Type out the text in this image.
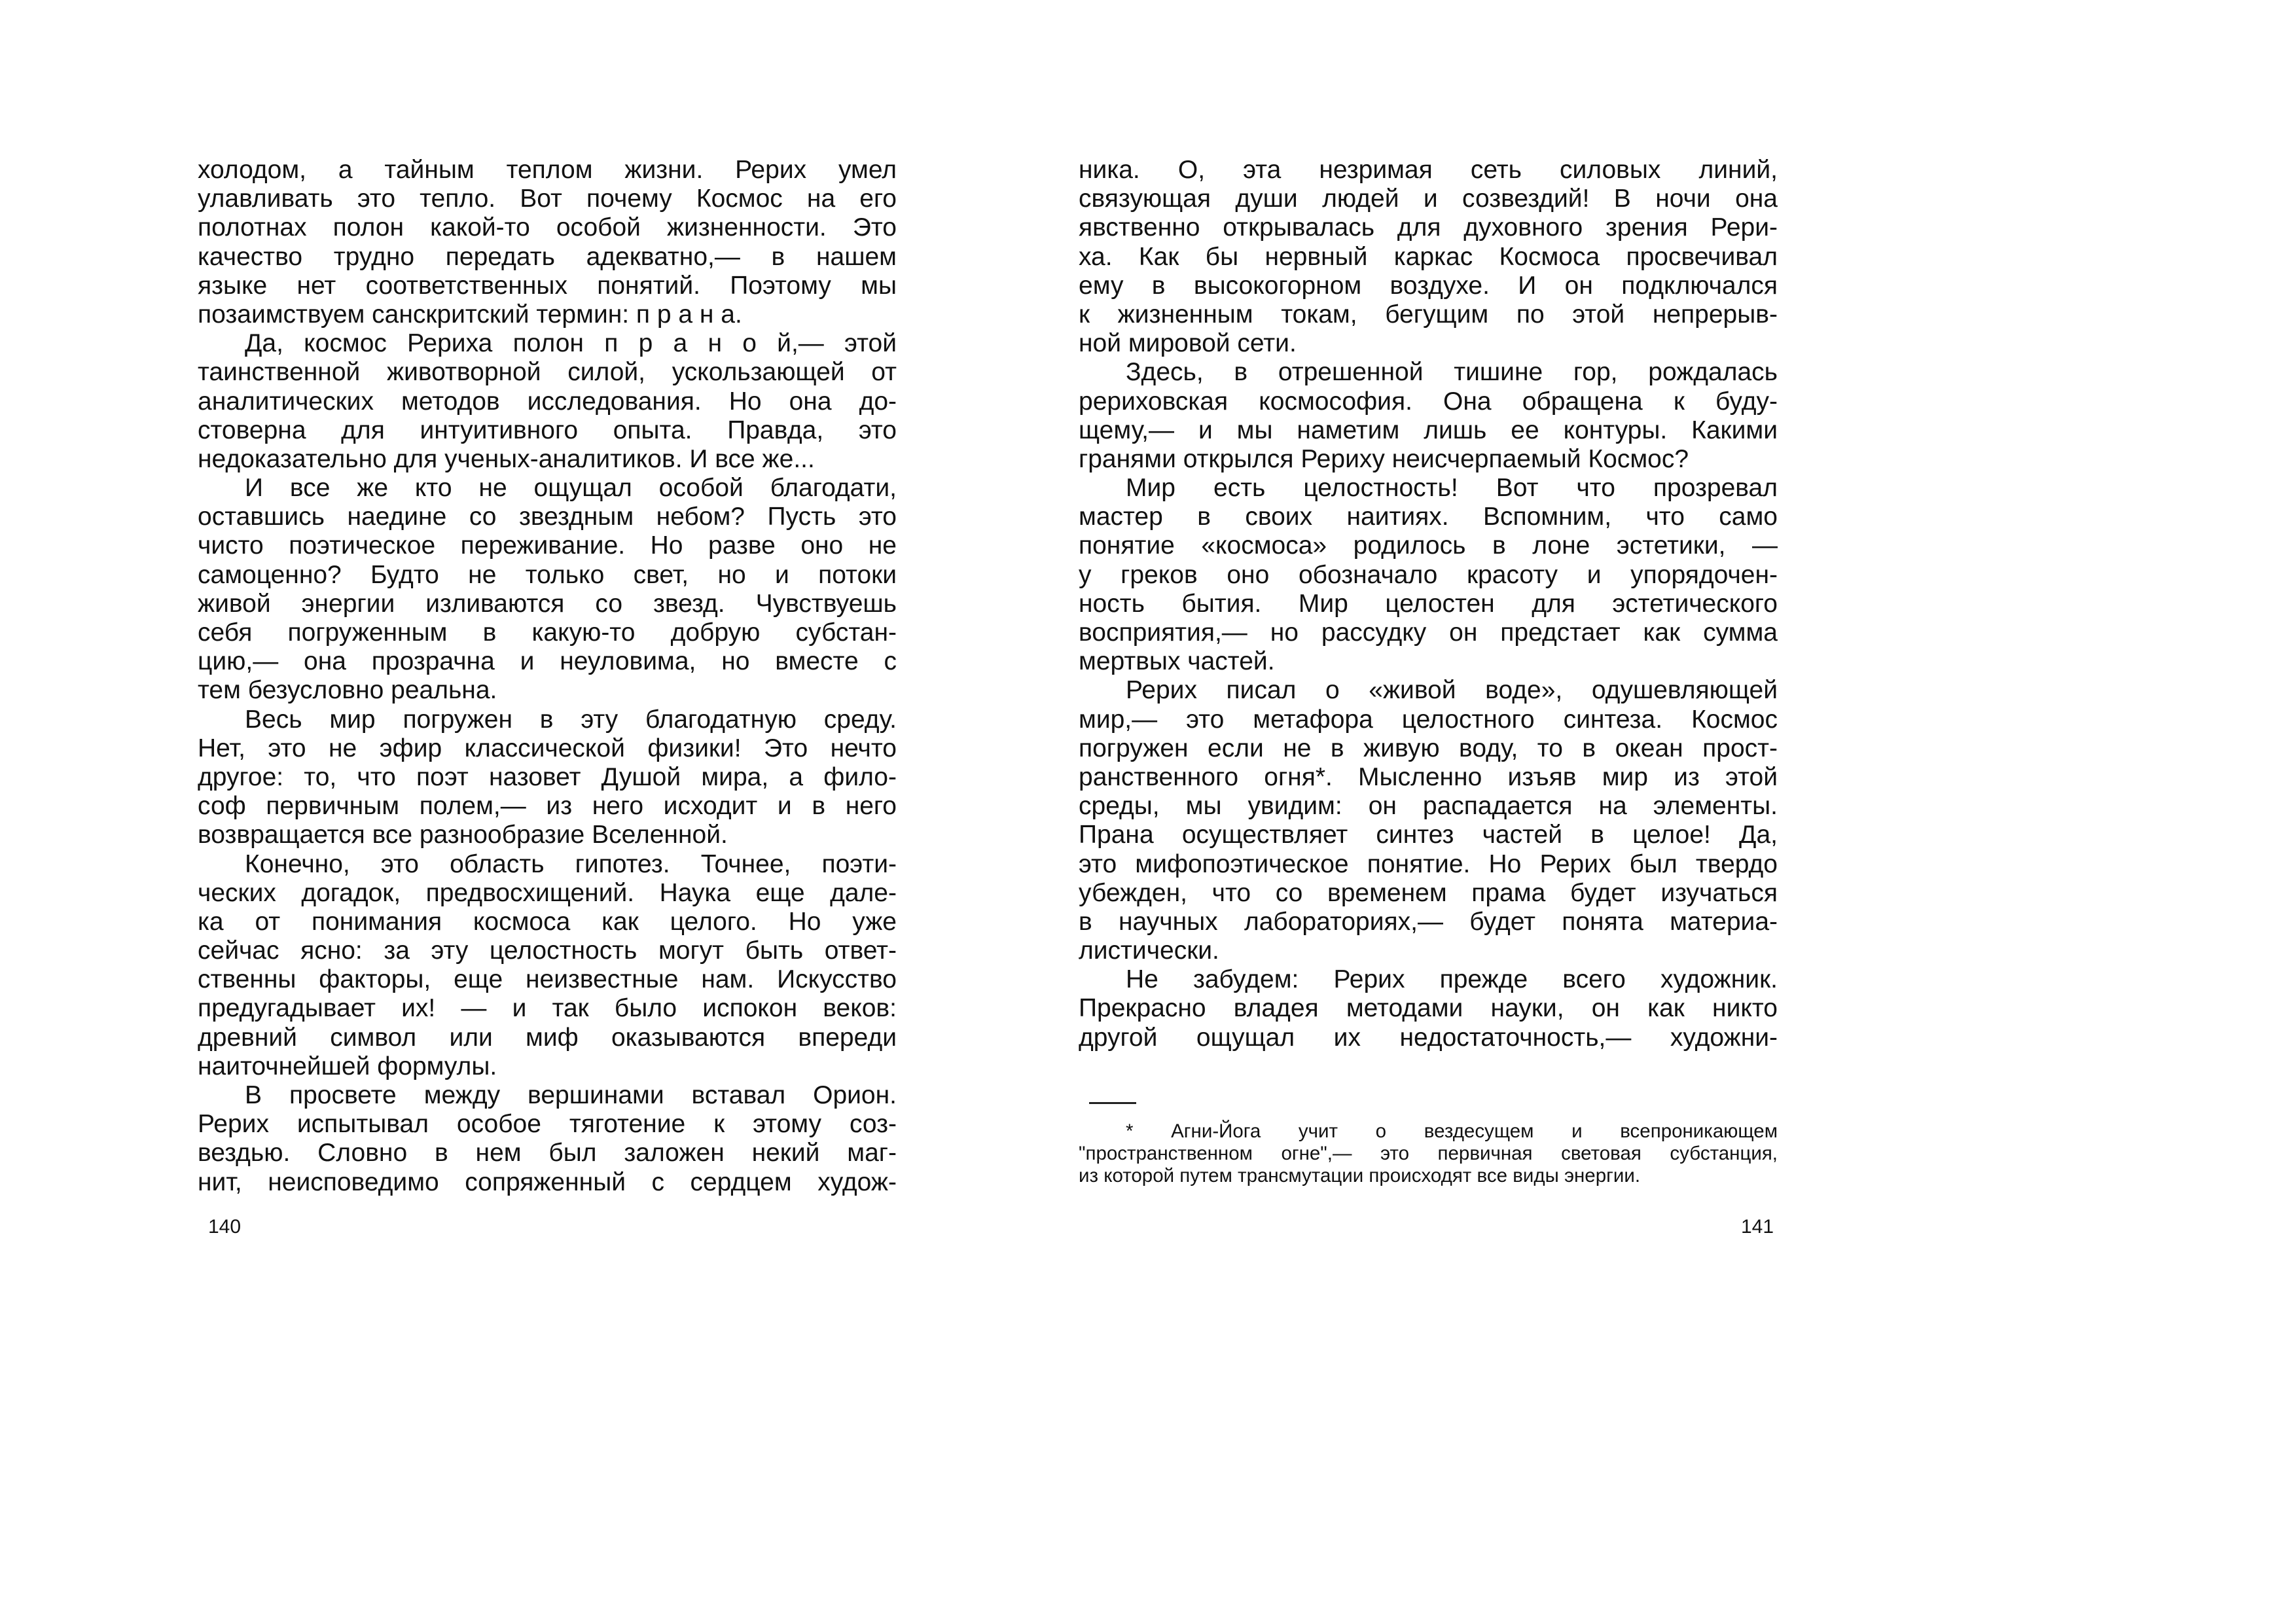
холодом, а тайным теплом жизни. Рерих умел
улавливать это тепло. Вот почему Космос на его
полотнах полон какой-то особой жизненности. Это
качество трудно передать адекватно,— в нашем
языке нет соответственных понятий. Поэтому мы
позаимствуем санскритский термин: п р а н а.
Да, космос Рериха полон п р а н о й,— этой
таинственной животворной силой, ускользающей от
аналитических методов исследования. Но она до-
стоверна для интуитивного опыта. Правда, это
недоказательно для ученых-аналитиков. И все же...
И все же кто не ощущал особой благодати,
оставшись наедине со звездным небом? Пусть это
чисто поэтическое переживание. Но разве оно не
самоценно? Будто не только свет, но и потоки
живой энергии изливаются со звезд. Чувствуешь
себя погруженным в какую-то добрую субстан-
цию,— она прозрачна и неуловима, но вместе с
тем безусловно реальна.
Весь мир погружен в эту благодатную среду.
Нет, это не эфир классической физики! Это нечто
другое: то, что поэт назовет Душой мира, а фило-
соф первичным полем,— из него исходит и в него
возвращается все разнообразие Вселенной.
Конечно, это область гипотез. Точнее, поэти-
ческих догадок, предвосхищений. Наука еще дале-
ка от понимания космоса как целого. Но уже
сейчас ясно: за эту целостность могут быть ответ-
ственны факторы, еще неизвестные нам. Искусство
предугадывает их! — и так было испокон веков:
древний символ или миф оказываются впереди
наиточнейшей формулы.
В просвете между вершинами вставал Орион.
Рерих испытывал особое тяготение к этому соз-
вездью. Словно в нем был заложен некий маг-
нит, неисповедимо сопряженный с сердцем худож-
140
ника. О, эта незримая сеть силовых линий,
связующая души людей и созвездий! В ночи она
явственно открывалась для духовного зрения Рери-
ха. Как бы нервный каркас Космоса просвечивал
ему в высокогорном воздухе. И он подключался
к жизненным токам, бегущим по этой непрерыв-
ной мировой сети.
Здесь, в отрешенной тишине гор, рождалась
рериховская космософия. Она обращена к буду-
щему,— и мы наметим лишь ее контуры. Какими
гранями открылся Рериху неисчерпаемый Космос?
Мир есть целостность! Вот что прозревал
мастер в своих наитиях. Вспомним, что само
понятие «космоса» родилось в лоне эстетики, —
у греков оно обозначало красоту и упорядочен-
ность бытия. Мир целостен для эстетического
восприятия,— но рассудку он предстает как сумма
мертвых частей.
Рерих писал о «живой воде», одушевляющей
мир,— это метафора целостного синтеза. Космос
погружен если не в живую воду, то в океан прост-
ранственного огня*. Мысленно изъяв мир из этой
среды, мы увидим: он распадается на элементы.
Прана осуществляет синтез частей в целое! Да,
это мифопоэтическое понятие. Но Рерих был твердо
убежден, что со временем прама будет изучаться
в научных лабораториях,— будет понята материа-
листически.
Не забудем: Рерих прежде всего художник.
Прекрасно владея методами науки, он как никто
другой ощущал их недостаточность,— художни-
* Агни-Йога учит о вездесущем и всепроникающем
"пространственном огне",— это первичная световая субстанция,
из которой путем трансмутации происходят все виды энергии.
141
